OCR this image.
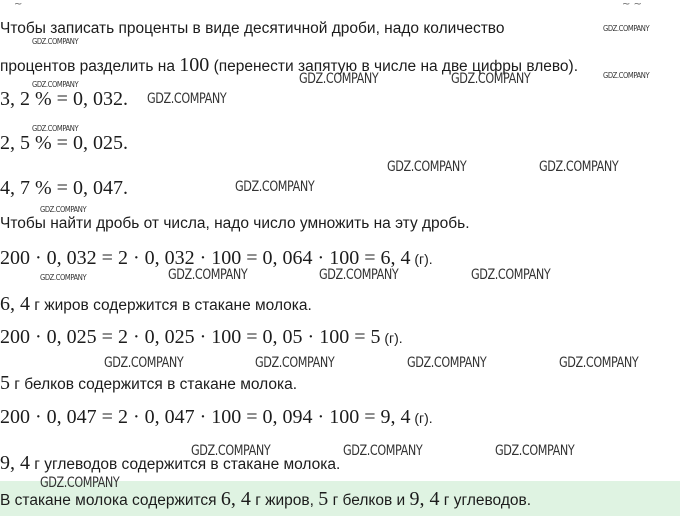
~	~ ~
Чтобы записать проценты в виде десятичной дроби, надо количество
процентов разделить на 100 (перенести запятую в числе на две цифры влево).
3, 2 % = 0, 032.
2, 5 % = 0, 025.
4, 7 % = 0, 047.
Чтобы найти дробь от числа, надо число умножить на эту дробь.
200 · 0, 032 = 2 · 0, 032 · 100 = 0, 064 · 100 = 6, 4 (г).
6, 4 г жиров содержится в стакане молока.
200 · 0, 025 = 2 · 0, 025 · 100 = 0, 05 · 100 = 5 (г).
5 г белков содержится в стакане молока.
200 · 0, 047 = 2 · 0, 047 · 100 = 0, 094 · 100 = 9, 4 (г).
9, 4 г углеводов содержится в стакане молока.
В стакане молока содержится 6, 4 г жиров, 5 г белков и 9, 4 г углеводов.
GDZ.COMPANY
GDZ.COMPANY
GDZ.COMPANY
GDZ.COMPANY	GDZ.COMPANY
GDZ.COMPANY
GDZ.COMPANY
GDZ.COMPANY
GDZ.COMPANY	GDZ.COMPANY
GDZ.COMPANY
GDZ.COMPANY
GDZ.COMPANY	GDZ.COMPANY	GDZ.COMPANY	GDZ.COMPANY
GDZ.COMPANY	GDZ.COMPANY	GDZ.COMPANY	GDZ.COMPANY
GDZ.COMPANY	GDZ.COMPANY	GDZ.COMPANY
GDZ.COMPANY
